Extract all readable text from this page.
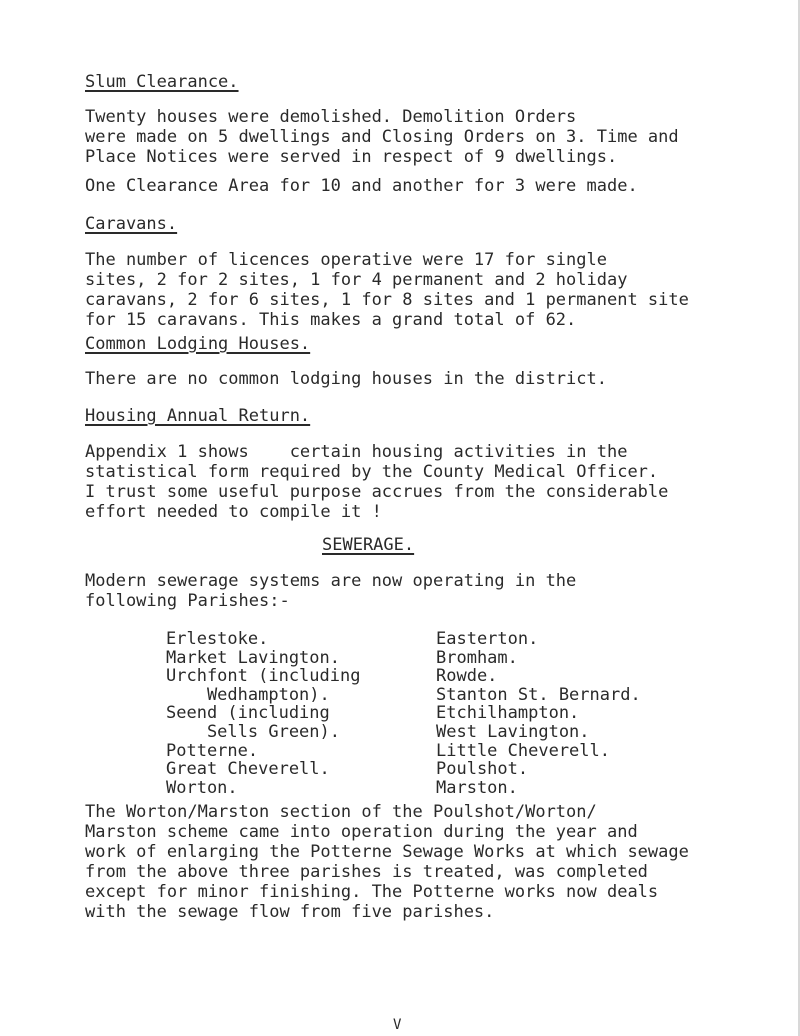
Slum Clearance.
Twenty houses were demolished. Demolition Orders
were made on 5 dwellings and Closing Orders on 3. Time and
Place Notices were served in respect of 9 dwellings.
One Clearance Area for 10 and another for 3 were made.
Caravans.
The number of licences operative were 17 for single
sites, 2 for 2 sites, 1 for 4 permanent and 2 holiday
caravans, 2 for 6 sites, 1 for 8 sites and 1 permanent site
for 15 caravans. This makes a grand total of 62.
Common Lodging Houses.
There are no common lodging houses in the district.
Housing Annual Return.
Appendix 1 shows    certain housing activities in the
statistical form required by the County Medical Officer.
I trust some useful purpose accrues from the considerable
effort needed to compile it !
SEWERAGE.
Modern sewerage systems are now operating in the
following Parishes:-
Erlestoke.
Market Lavington.
Urchfont (including
Wedhampton).
Seend (including
Sells Green).
Potterne.
Great Cheverell.
Worton.
Easterton.
Bromham.
Rowde.
Stanton St. Bernard.
Etchilhampton.
West Lavington.
Little Cheverell.
Poulshot.
Marston.
The Worton/Marston section of the Poulshot/Worton/
Marston scheme came into operation during the year and
work of enlarging the Potterne Sewage Works at which sewage
from the above three parishes is treated, was completed
except for minor finishing. The Potterne works now deals
with the sewage flow from five parishes.
V
